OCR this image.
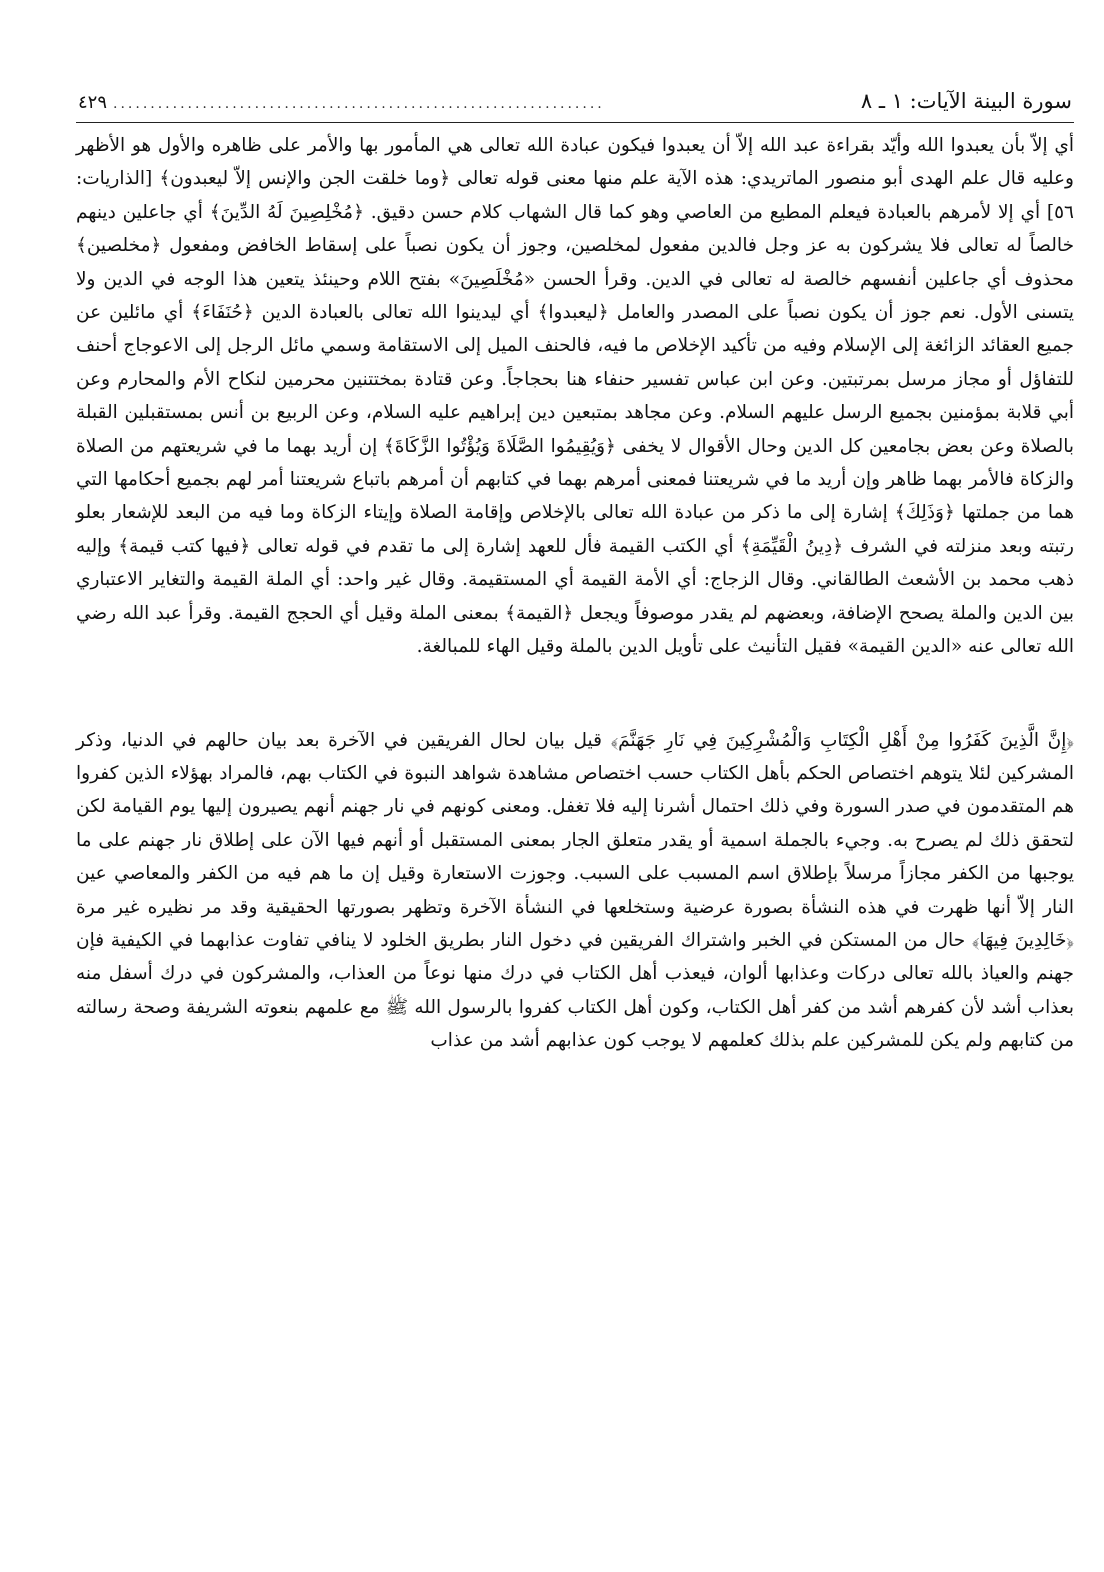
سورة البينة الآيات: ١ ـ ٨
..................................................................
٤٢٩

أي إلاّ بأن يعبدوا الله وأيّد بقراءة عبد الله إلاّ أن يعبدوا فيكون عبادة الله تعالى هي المأمور بها والأمر على ظاهره والأول هو الأظهر وعليه قال علم الهدى أبو منصور الماتريدي: هذه الآية علم منها معنى قوله تعالى ﴿وما خلقت الجن والإنس إلاّ ليعبدون﴾ [الذاريات: ٥٦] أي إلا لأمرهم بالعبادة فيعلم المطيع من العاصي وهو كما قال الشهاب كلام حسن دقيق. ﴿مُخْلِصِينَ لَهُ الدِّينَ﴾ أي جاعلين دينهم خالصاً له تعالى فلا يشركون به عز وجل فالدين مفعول لمخلصين، وجوز أن يكون نصباً على إسقاط الخافض ومفعول ﴿مخلصين﴾ محذوف أي جاعلين أنفسهم خالصة له تعالى في الدين. وقرأ الحسن «مُخْلَصِينَ» بفتح اللام وحينئذ يتعين هذا الوجه في الدين ولا يتسنى الأول. نعم جوز أن يكون نصباً على المصدر والعامل ﴿ليعبدوا﴾ أي ليدينوا الله تعالى بالعبادة الدين ﴿حُنَفَاءَ﴾ أي مائلين عن جميع العقائد الزائغة إلى الإسلام وفيه من تأكيد الإخلاص ما فيه، فالحنف الميل إلى الاستقامة وسمي مائل الرجل إلى الاعوجاج أحنف للتفاؤل أو مجاز مرسل بمرتبتين. وعن ابن عباس تفسير حنفاء هنا بحجاجاً. وعن قتادة بمختتنين محرمين لنكاح الأم والمحارم وعن أبي قلابة بمؤمنين بجميع الرسل عليهم السلام. وعن مجاهد بمتبعين دين إبراهيم عليه السلام، وعن الربيع بن أنس بمستقبلين القبلة بالصلاة وعن بعض بجامعين كل الدين وحال الأقوال لا يخفى ﴿وَيُقِيمُوا الصَّلَاةَ وَيُؤْتُوا الزَّكَاةَ﴾ إن أريد بهما ما في شريعتهم من الصلاة والزكاة فالأمر بهما ظاهر وإن أريد ما في شريعتنا فمعنى أمرهم بهما في كتابهم أن أمرهم باتباع شريعتنا أمر لهم بجميع أحكامها التي هما من جملتها ﴿وَذَلِكَ﴾ إشارة إلى ما ذكر من عبادة الله تعالى بالإخلاص وإقامة الصلاة وإيتاء الزكاة وما فيه من البعد للإشعار بعلو رتبته وبعد منزلته في الشرف ﴿دِينُ الْقَيِّمَةِ﴾ أي الكتب القيمة فأل للعهد إشارة إلى ما تقدم في قوله تعالى ﴿فيها كتب قيمة﴾ وإليه ذهب محمد بن الأشعث الطالقاني. وقال الزجاج: أي الأمة القيمة أي المستقيمة. وقال غير واحد: أي الملة القيمة والتغاير الاعتباري بين الدين والملة يصحح الإضافة، وبعضهم لم يقدر موصوفاً ويجعل ﴿القيمة﴾ بمعنى الملة وقيل أي الحجج القيمة. وقرأ عبد الله رضي الله تعالى عنه «الدين القيمة» فقيل التأنيث على تأويل الدين بالملة وقيل الهاء للمبالغة.

﴿إِنَّ الَّذِينَ كَفَرُوا مِنْ أَهْلِ الْكِتَابِ وَالْمُشْرِكِينَ فِي نَارِ جَهَنَّمَ﴾ قيل بيان لحال الفريقين في الآخرة بعد بيان حالهم في الدنيا، وذكر المشركين لئلا يتوهم اختصاص الحكم بأهل الكتاب حسب اختصاص مشاهدة شواهد النبوة في الكتاب بهم، فالمراد بهؤلاء الذين كفروا هم المتقدمون في صدر السورة وفي ذلك احتمال أشرنا إليه فلا تغفل. ومعنى كونهم في نار جهنم أنهم يصيرون إليها يوم القيامة لكن لتحقق ذلك لم يصرح به. وجيء بالجملة اسمية أو يقدر متعلق الجار بمعنى المستقبل أو أنهم فيها الآن على إطلاق نار جهنم على ما يوجبها من الكفر مجازاً مرسلاً بإطلاق اسم المسبب على السبب. وجوزت الاستعارة وقيل إن ما هم فيه من الكفر والمعاصي عين النار إلاّ أنها ظهرت في هذه النشأة بصورة عرضية وستخلعها في النشأة الآخرة وتظهر بصورتها الحقيقية وقد مر نظيره غير مرة ﴿خَالِدِينَ فِيهَا﴾ حال من المستكن في الخبر واشتراك الفريقين في دخول النار بطريق الخلود لا ينافي تفاوت عذابهما في الكيفية فإن جهنم والعياذ بالله تعالى دركات وعذابها ألوان، فيعذب أهل الكتاب في درك منها نوعاً من العذاب، والمشركون في درك أسفل منه بعذاب أشد لأن كفرهم أشد من كفر أهل الكتاب، وكون أهل الكتاب كفروا بالرسول الله ﷺ مع علمهم بنعوته الشريفة وصحة رسالته من كتابهم ولم يكن للمشركين علم بذلك كعلمهم لا يوجب كون عذابهم أشد من عذاب
